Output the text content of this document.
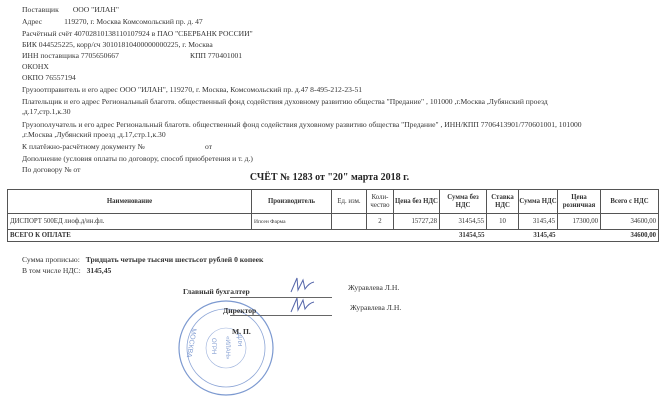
Поставщик ООО "ИЛАН"
Адрес	119270, г. Москва Комсомольский пр. д. 47
Расчётный счёт 40702810138110107924 в ПАО "СБЕРБАНК РОССИИ"
БИК 044525225, корр/сч 30101810400000000225, г. Москва
ИНН поставщика 7705650667	КПП 770401001
ОКОНХ
ОКПО 76557194
Грузоотправитель и его адрес ООО "ИЛАН", 119270, г. Москва, Комсомольский пр. д.47 8-495-212-23-51
Плательщик и его адрес Региональный благотв. общественный фонд содействия духовному развитию общества "Предание" , 101000 ,г.Москва ,Лубянский проезд
,д.17,стр.1,к.30
Грузополучатель и его адрес Региональный благотв. общественный фонд содействия духовному развитию общества "Предание" , ИНН/КПП 7706413901/770601001, 101000
,г.Москва ,Лубянский проезд ,д.17,стр.1,к.30
К платёжно-расчётному документу №	от
Дополнение (условия оплаты по договору, способ приобретения и т. д.)
По договору № от
СЧЁТ № 1283 от "20" марта 2018 г.
Наименование	Производитель	Ед. изм.	Коли-чество	Цена без НДС	Сумма без НДС	Ставка НДС	Сумма НДС	Цена розничная	Всего с НДС
ДИСПОРТ 500ЕД лиоф.д/ин.фл.	Ипсен Фарма		2	15727,28	31454,55	10	3145,45	17300,00	34600,00
ВСЕГО К ОПЛАТЕ					31454,55		3145,45		34600,00
Сумма прописью: Тридцать четыре тысячи шестьсот рублей 0 копеек
В том числе НДС: 3145,45
ОГРН «ИЛАН» ДЛЯ
МОСКВА
Главный бухгалтер	Журавлева Л.Н.
Директор	Журавлева Л.Н.
М. П.
